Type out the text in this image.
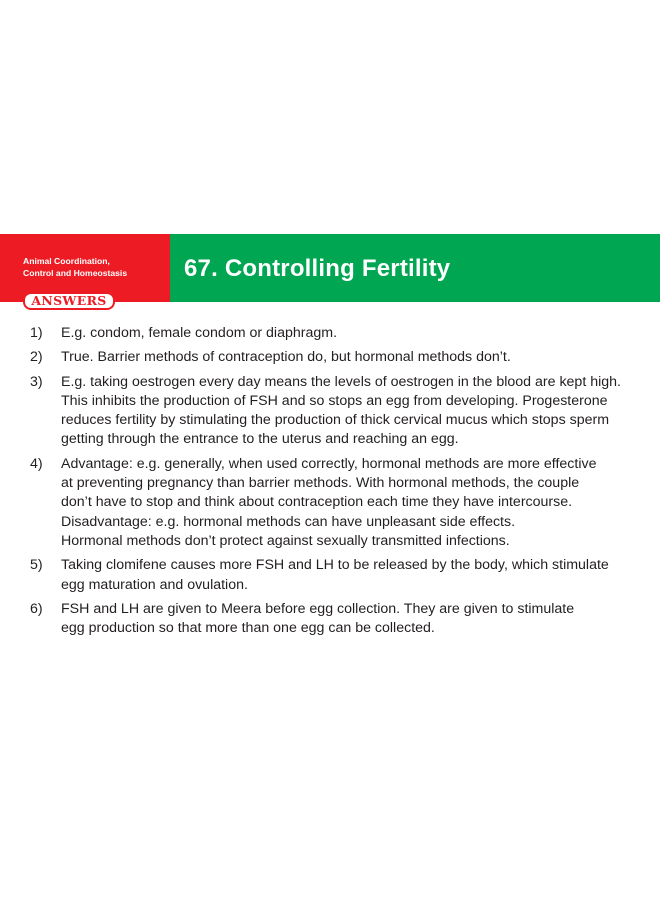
Animal Coordination,
Control and Homeostasis	67. Controlling Fertility
ANSWERS
1) E.g. condom, female condom or diaphragm.
2) True. Barrier methods of contraception do, but hormonal methods don’t.
3) E.g. taking oestrogen every day means the levels of oestrogen in the blood are kept high.
This inhibits the production of FSH and so stops an egg from developing. Progesterone
reduces fertility by stimulating the production of thick cervical mucus which stops sperm
getting through the entrance to the uterus and reaching an egg.
4) Advantage: e.g. generally, when used correctly, hormonal methods are more effective
at preventing pregnancy than barrier methods. With hormonal methods, the couple
don’t have to stop and think about contraception each time they have intercourse.
Disadvantage: e.g. hormonal methods can have unpleasant side effects.
Hormonal methods don’t protect against sexually transmitted infections.
5) Taking clomifene causes more FSH and LH to be released by the body, which stimulate
egg maturation and ovulation.
6) FSH and LH are given to Meera before egg collection. They are given to stimulate
egg production so that more than one egg can be collected.
